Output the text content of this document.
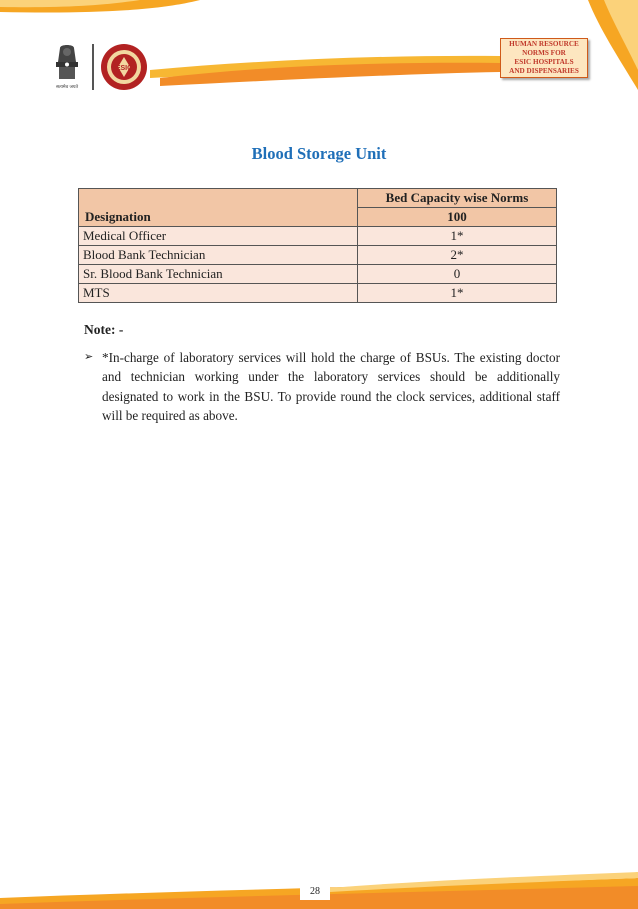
सत्यमेव जयते
ESIC
HUMAN RESOURCE
NORMS FOR
ESIC HOSPITALS
AND DISPENSARIES
Blood Storage Unit
Designation	Bed Capacity wise Norms
	100
Medical Officer	1*
Blood Bank Technician	2*
Sr. Blood Bank Technician	0
MTS	1*
Note: -
➢ *In-charge of laboratory services will hold the charge of BSUs. The existing doctor and technician working under the laboratory services should be additionally designated to work in the BSU. To provide round the clock services, additional staff will be required as above.
28
